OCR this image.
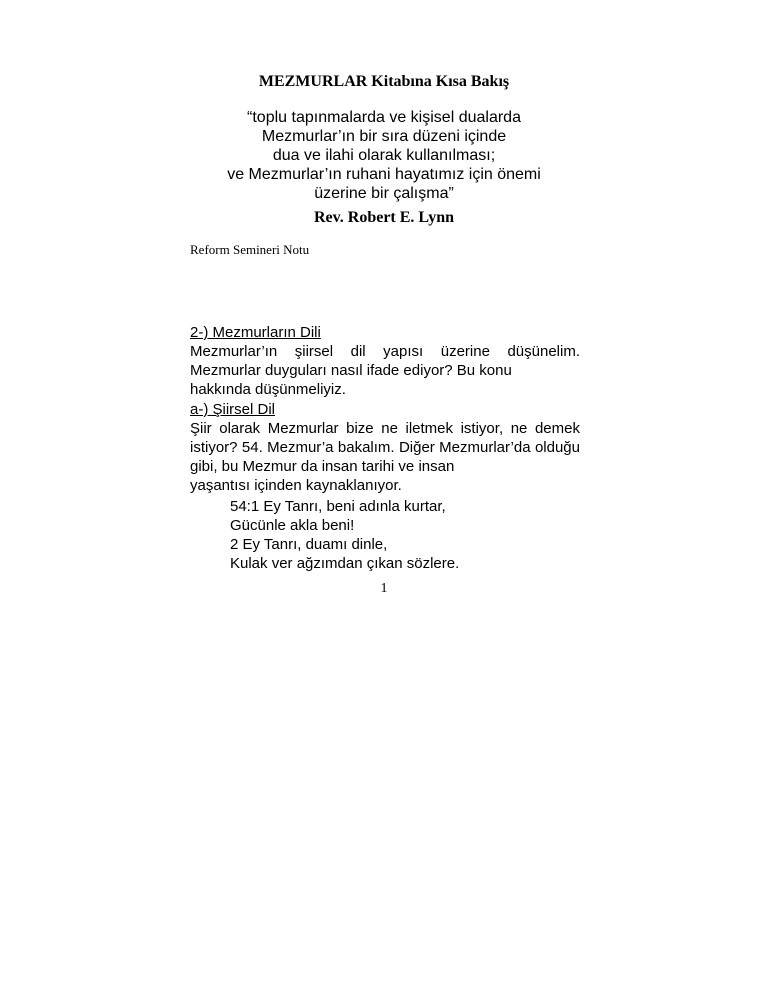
MEZMURLAR Kitabına Kısa Bakış
“toplu tapınmalarda ve kişisel dualarda
Mezmurlar’ın bir sıra düzeni içinde
dua ve ilahi olarak kullanılması;
ve Mezmurlar’ın ruhani hayatımız için önemi
üzerine bir çalışma”
Rev. Robert E. Lynn
Reform Semineri Notu
2-) Mezmurların Dili
Mezmurlar’ın şiirsel dil yapısı üzerine düşünelim. Mezmurlar duyguları nasıl ifade ediyor? Bu konu
hakkında düşünmeliyiz.
a-) Şiirsel Dil
Şiir olarak Mezmurlar bize ne iletmek istiyor, ne demek istiyor? 54. Mezmur’a bakalım. Diğer Mezmurlar’da olduğu gibi, bu Mezmur da insan tarihi ve insan
yaşantısı içinden kaynaklanıyor.
54:1 Ey Tanrı, beni adınla kurtar,
Gücünle akla beni!
2 Ey Tanrı, duamı dinle,
Kulak ver ağzımdan çıkan sözlere.
1
